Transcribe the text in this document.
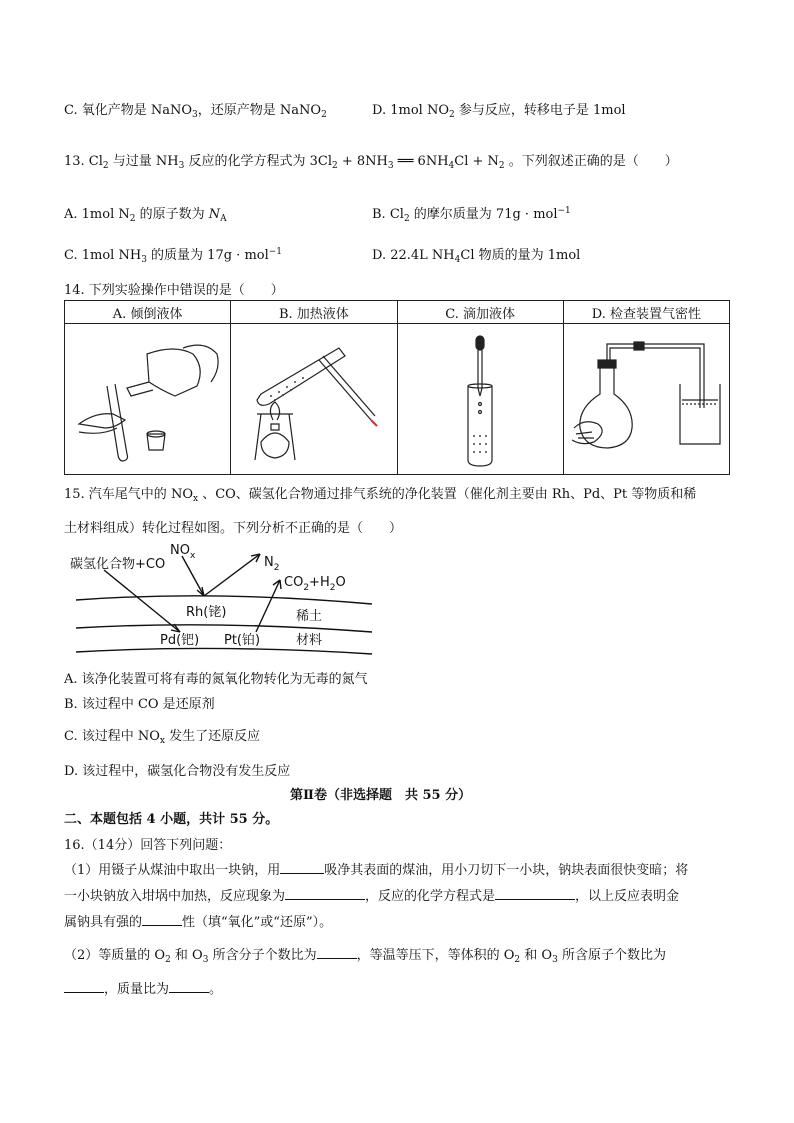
C. 氧化产物是 NaNO$_3$，还原产物是 NaNO$_2$	D. 1mol $NO_2$ 参与反应，转移电子是 1mol
13. $Cl_2$ 与过量 $NH_3$ 反应的化学方程式为 $3Cl_2 + 8NH_3$ ══ $6NH_4Cl + N_2$ 。下列叙述正确的是（　　）
A. 1mol $N_2$ 的原子数为 $N_A$	B. $Cl_2$ 的摩尔质量为 71g · mol$^{-1}$
C. 1mol $NH_3$ 的质量为 17g · mol$^{-1}$	D. 22.4L $NH_4Cl$ 物质的量为 1mol
14. 下列实验操作中错误的是（　　）
A. 倾倒液体	B. 加热液体	C. 滴加液体	D. 检查装置气密性

15. 汽车尾气中的 $NO_x$ 、CO、碳氢化合物通过排气系统的净化装置（催化剂主要由 Rh、Pd、Pt 等物质和稀
土材料组成）转化过程如图。下列分析不正确的是（　　）
碳氢化合物+CO
$NO_x$	$N_2$
$CO_2+H_2O$
Rh(铑)	稀土
Pd(钯) Pt(铂)	材料
A. 该净化装置可将有毒的氮氧化物转化为无毒的氮气
B. 该过程中 CO 是还原剂
C. 该过程中 $NO_x$ 发生了还原反应
D. 该过程中，碳氢化合物没有发生反应
第Ⅱ卷（非选择题　共 55 分）
二、本题包括 4 小题，共计 55 分。
16.（14分）回答下列问题：
（1）用镊子从煤油中取出一块钠，用	吸净其表面的煤油，用小刀切下一小块，钠块表面很快变暗；将
一小块钠放入坩埚中加热，反应现象为	，反应的化学方程式是	，以上反应表明金
属钠具有强的	性（填“氧化”或“还原”）。
（2）等质量的 $O_2$ 和 $O_3$ 所含分子个数比为	，等温等压下，等体积的 $O_2$ 和 $O_3$ 所含原子个数比为
，质量比为	。
